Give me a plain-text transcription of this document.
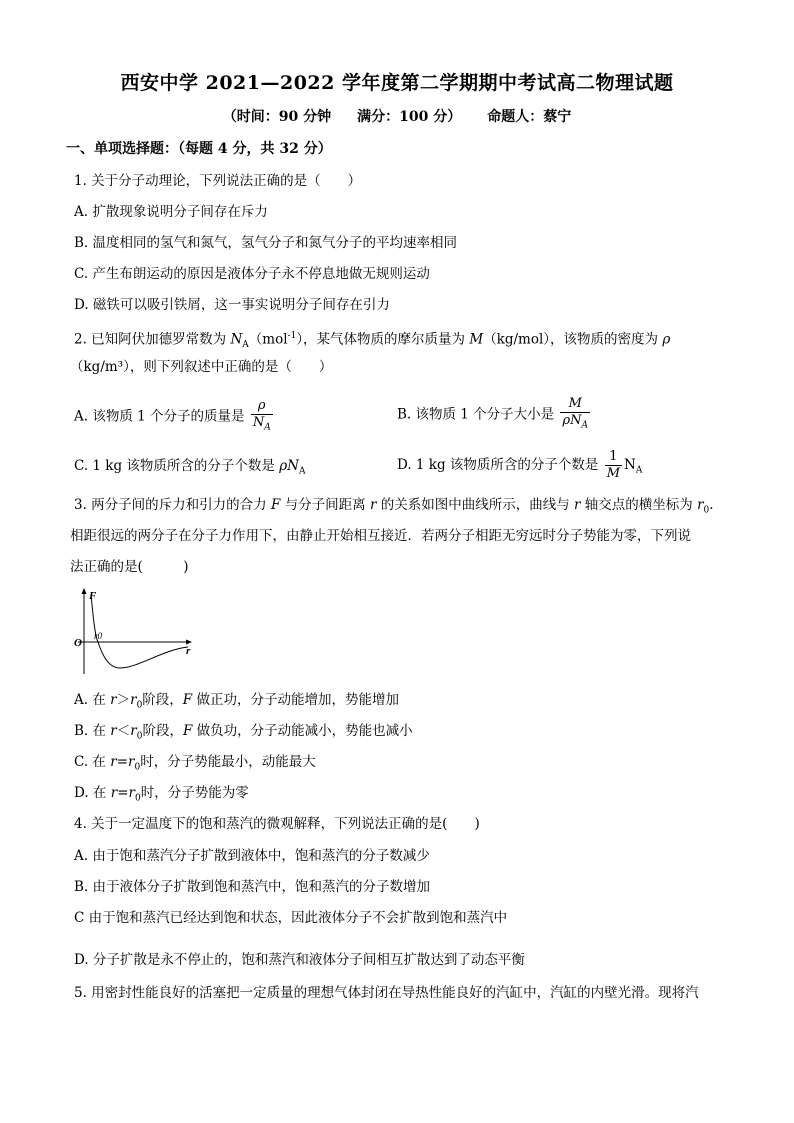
西安中学 2021—2022 学年度第二学期期中考试高二物理试题
（时间：90 分钟 满分：100 分） 命题人：蔡宁
一、单项选择题：（每题 4 分，共 32 分）
1. 关于分子动理论，下列说法正确的是（　　）
A. 扩散现象说明分子间存在斥力
B. 温度相同的氢气和氮气，氢气分子和氮气分子的平均速率相同
C. 产生布朗运动的原因是液体分子永不停息地做无规则运动
D. 磁铁可以吸引铁屑，这一事实说明分子间存在引力
2. 已知阿伏加德罗常数为 $N_A(mol^{-1})$，某气体物质的摩尔质量为 M（kg/mol），该物质的密度为 ρ
（kg/m³），则下列叙述中正确的是（　　）
A. 该物质 1 个分子的质量是 $\frac{\rho}{N_A}$	B. 该物质 1 个分子大小是 $\frac{M}{\rho N_A}$
C. 1 kg 该物质所含的分子个数是 $\rho N_A$	D. 1 kg 该物质所含的分子个数是 $\frac{1}{M} N_A$
3. 两分子间的斥力和引力的合力 F 与分子间距离 r 的关系如图中曲线所示，曲线与 r 轴交点的横坐标为 $r_0$.
相距很远的两分子在分子力作用下，由静止开始相互接近．若两分子相距无穷远时分子势能为零，下列说
法正确的是(　　　)
F
O
r0
r
A. 在 $r>r_0$阶段，F 做正功，分子动能增加，势能增加
B. 在 $r<r_0$阶段，F 做负功，分子动能减小，势能也减小
C. 在 $r=r_0$时，分子势能最小，动能最大
D. 在 $r=r_0$时，分子势能为零
4. 关于一定温度下的饱和蒸汽的微观解释，下列说法正确的是(　　)
A. 由于饱和蒸汽分子扩散到液体中，饱和蒸汽的分子数减少
B. 由于液体分子扩散到饱和蒸汽中，饱和蒸汽的分子数增加
C 由于饱和蒸汽已经达到饱和状态，因此液体分子不会扩散到饱和蒸汽中
D. 分子扩散是永不停止的，饱和蒸汽和液体分子间相互扩散达到了动态平衡
5. 用密封性能良好的活塞把一定质量的理想气体封闭在导热性能良好的汽缸中，汽缸的内壁光滑。现将汽
